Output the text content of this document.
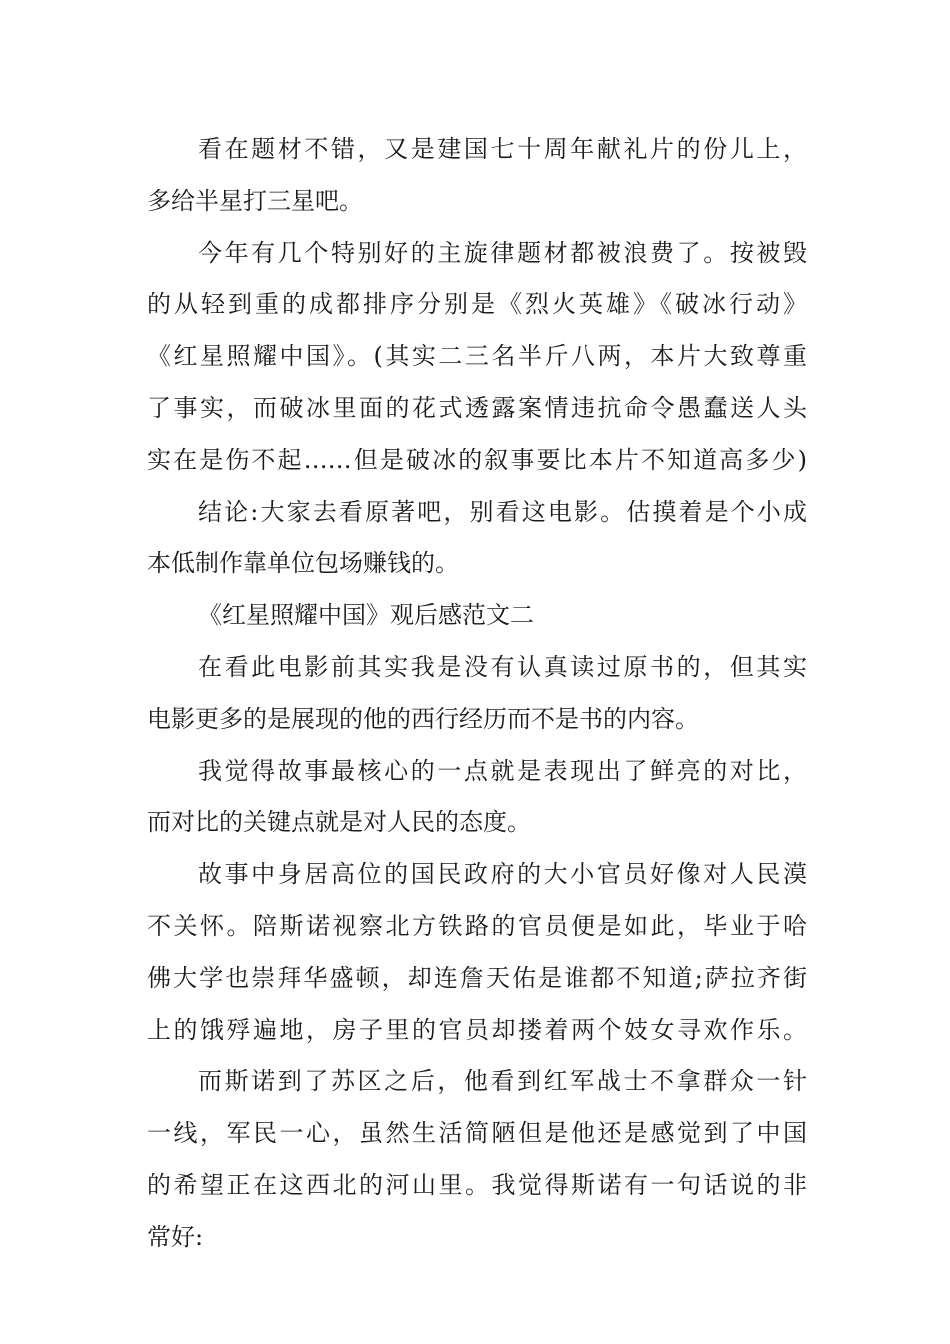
看在题材不错，又是建国七十周年献礼片的份儿上，
多给半星打三星吧。
今年有几个特别好的主旋律题材都被浪费了。按被毁
的从轻到重的成都排序分别是《烈火英雄》《破冰行动》
《红星照耀中国》。(其实二三名半斤八两，本片大致尊重
了事实，而破冰里面的花式透露案情违抗命令愚蠢送人头
实在是伤不起……但是破冰的叙事要比本片不知道高多少)
结论:大家去看原著吧，别看这电影。估摸着是个小成
本低制作靠单位包场赚钱的。
《红星照耀中国》观后感范文二
在看此电影前其实我是没有认真读过原书的，但其实
电影更多的是展现的他的西行经历而不是书的内容。
我觉得故事最核心的一点就是表现出了鲜亮的对比，
而对比的关键点就是对人民的态度。
故事中身居高位的国民政府的大小官员好像对人民漠
不关怀。陪斯诺视察北方铁路的官员便是如此，毕业于哈
佛大学也崇拜华盛顿，却连詹天佑是谁都不知道;萨拉齐街
上的饿殍遍地，房子里的官员却搂着两个妓女寻欢作乐。
而斯诺到了苏区之后，他看到红军战士不拿群众一针
一线，军民一心，虽然生活简陋但是他还是感觉到了中国
的希望正在这西北的河山里。我觉得斯诺有一句话说的非
常好:
